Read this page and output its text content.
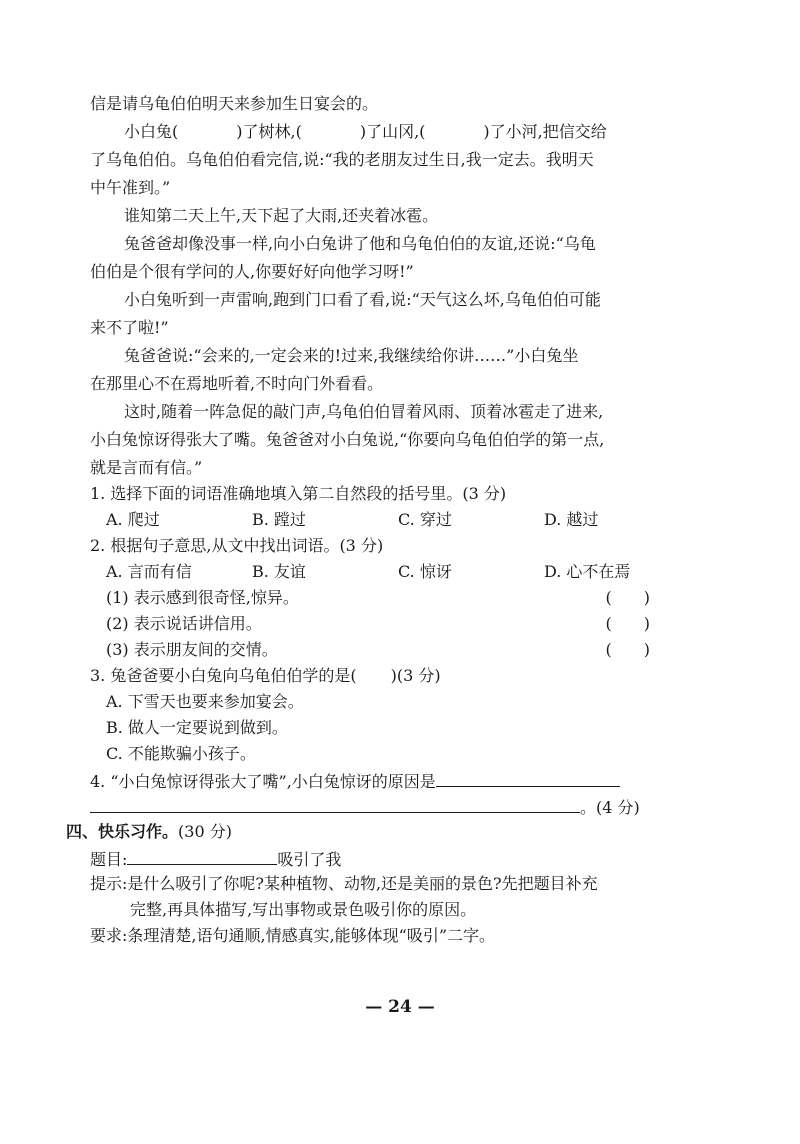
信是请乌龟伯伯明天来参加生日宴会的。
小白兔(	)了树林,(	)了山冈,(	)了小河,把信交给
了乌龟伯伯。乌龟伯伯看完信,说:“我的老朋友过生日,我一定去。我明天
中午准到。”
谁知第二天上午,天下起了大雨,还夹着冰雹。
兔爸爸却像没事一样,向小白兔讲了他和乌龟伯伯的友谊,还说:“乌龟
伯伯是个很有学问的人,你要好好向他学习呀!”
小白兔听到一声雷响,跑到门口看了看,说:“天气这么坏,乌龟伯伯可能
来不了啦!”
兔爸爸说:“会来的,一定会来的!过来,我继续给你讲……”小白兔坐
在那里心不在焉地听着,不时向门外看看。
这时,随着一阵急促的敲门声,乌龟伯伯冒着风雨、顶着冰雹走了进来,
小白兔惊讶得张大了嘴。兔爸爸对小白兔说,“你要向乌龟伯伯学的第一点,
就是言而有信。”
1. 选择下面的词语准确地填入第二自然段的括号里。(3 分)
A. 爬过	B. 蹚过	C. 穿过	D. 越过
2. 根据句子意思,从文中找出词语。(3 分)
A. 言而有信	B. 友谊	C. 惊讶	D. 心不在焉
(1) 表示感到很奇怪,惊异。	(　　)
(2) 表示说话讲信用。	(　　)
(3) 表示朋友间的交情。	(　　)
3. 兔爸爸要小白兔向乌龟伯伯学的是( )(3 分)
A. 下雪天也要来参加宴会。
B. 做人一定要说到做到。
C. 不能欺骗小孩子。
4. “小白兔惊讶得张大了嘴”,小白兔惊讶的原因是
。(4 分)
四、快乐习作。(30 分)
题目:	吸引了我
提示:是什么吸引了你呢?某种植物、动物,还是美丽的景色?先把题目补充
完整,再具体描写,写出事物或景色吸引你的原因。
要求:条理清楚,语句通顺,情感真实,能够体现“吸引”二字。
— 24 —
